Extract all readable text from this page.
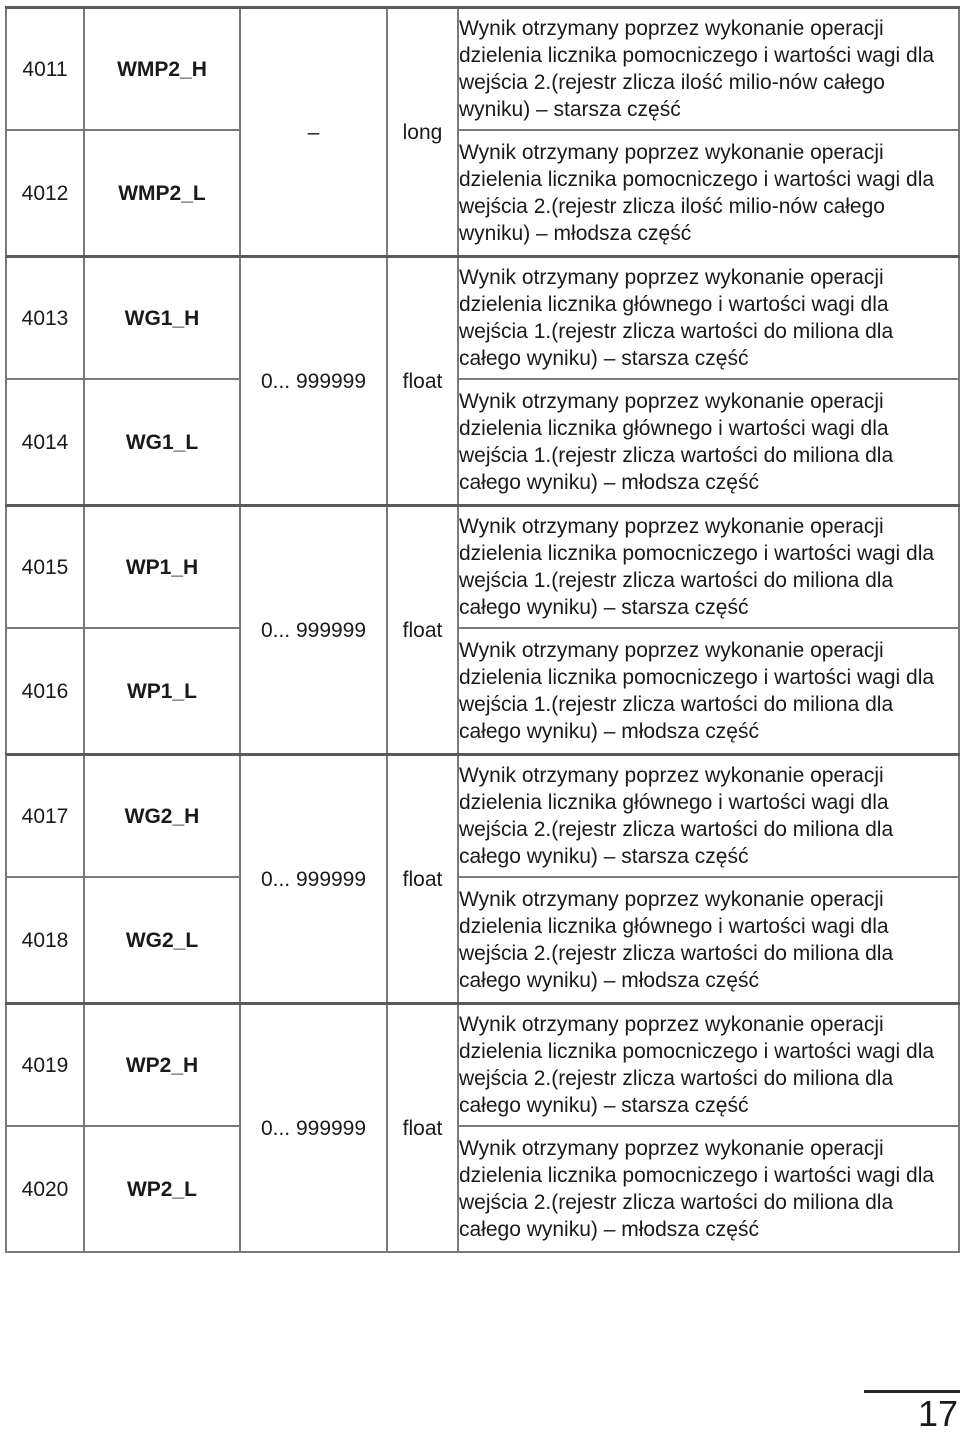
4011	WMP2_H	–	long	Wynik otrzymany poprzez wykonanie operacji dzielenia licznika pomocniczego i wartości wagi dla wejścia 2.(rejestr zlicza ilość milio-nów całego wyniku) – starsza część

4012	WMP2_L			Wynik otrzymany poprzez wykonanie operacji dzielenia licznika pomocniczego i wartości wagi dla wejścia 2.(rejestr zlicza ilość milio-nów całego wyniku) – młodsza część

4013	WG1_H	0... 999999	float	Wynik otrzymany poprzez wykonanie operacji dzielenia licznika głównego i wartości wagi dla wejścia 1.(rejestr zlicza wartości do miliona dla całego wyniku) – starsza część

4014	WG1_L			Wynik otrzymany poprzez wykonanie operacji dzielenia licznika głównego i wartości wagi dla wejścia 1.(rejestr zlicza wartości do miliona dla całego wyniku) – młodsza część

4015	WP1_H	0... 999999	float	Wynik otrzymany poprzez wykonanie operacji dzielenia licznika pomocniczego i wartości wagi dla wejścia 1.(rejestr zlicza wartości do miliona dla całego wyniku) – starsza część

4016	WP1_L			Wynik otrzymany poprzez wykonanie operacji dzielenia licznika pomocniczego i wartości wagi dla wejścia 1.(rejestr zlicza wartości do miliona dla całego wyniku) – młodsza część

4017	WG2_H	0... 999999	float	Wynik otrzymany poprzez wykonanie operacji dzielenia licznika głównego i wartości wagi dla wejścia 2.(rejestr zlicza wartości do miliona dla całego wyniku) – starsza część

4018	WG2_L			Wynik otrzymany poprzez wykonanie operacji dzielenia licznika głównego i wartości wagi dla wejścia 2.(rejestr zlicza wartości do miliona dla całego wyniku) – młodsza część

4019	WP2_H	0... 999999	float	Wynik otrzymany poprzez wykonanie operacji dzielenia licznika pomocniczego i wartości wagi dla wejścia 2.(rejestr zlicza wartości do miliona dla całego wyniku) – starsza część

4020	WP2_L			Wynik otrzymany poprzez wykonanie operacji dzielenia licznika pomocniczego i wartości wagi dla wejścia 2.(rejestr zlicza wartości do miliona dla całego wyniku) – młodsza część
17
